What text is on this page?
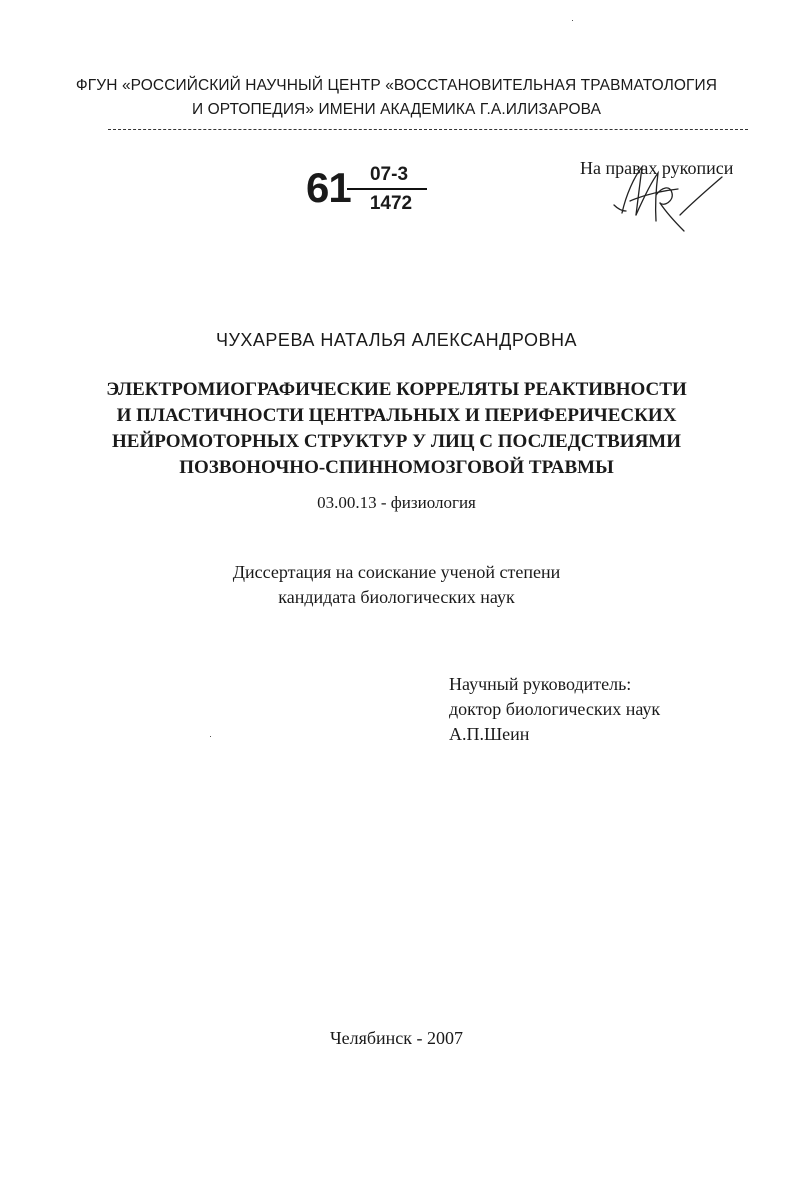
ФГУН «РОССИЙСКИЙ НАУЧНЫЙ ЦЕНТР «ВОССТАНОВИТЕЛЬНАЯ ТРАВМАТОЛОГИЯ
И ОРТОПЕДИЯ» ИМЕНИ АКАДЕМИКА Г.А.ИЛИЗАРОВА
61 07-3
1472
На правах рукописи
ЧУХАРЕВА НАТАЛЬЯ АЛЕКСАНДРОВНА
ЭЛЕКТРОМИОГРАФИЧЕСКИЕ КОРРЕЛЯТЫ РЕАКТИВНОСТИ
И ПЛАСТИЧНОСТИ ЦЕНТРАЛЬНЫХ И ПЕРИФЕРИЧЕСКИХ
НЕЙРОМОТОРНЫХ СТРУКТУР У ЛИЦ С ПОСЛЕДСТВИЯМИ
ПОЗВОНОЧНО-СПИННОМОЗГОВОЙ ТРАВМЫ
03.00.13 - физиология
Диссертация на соискание ученой степени
кандидата биологических наук
Научный руководитель:
доктор биологических наук
А.П.Шеин
Челябинск - 2007
